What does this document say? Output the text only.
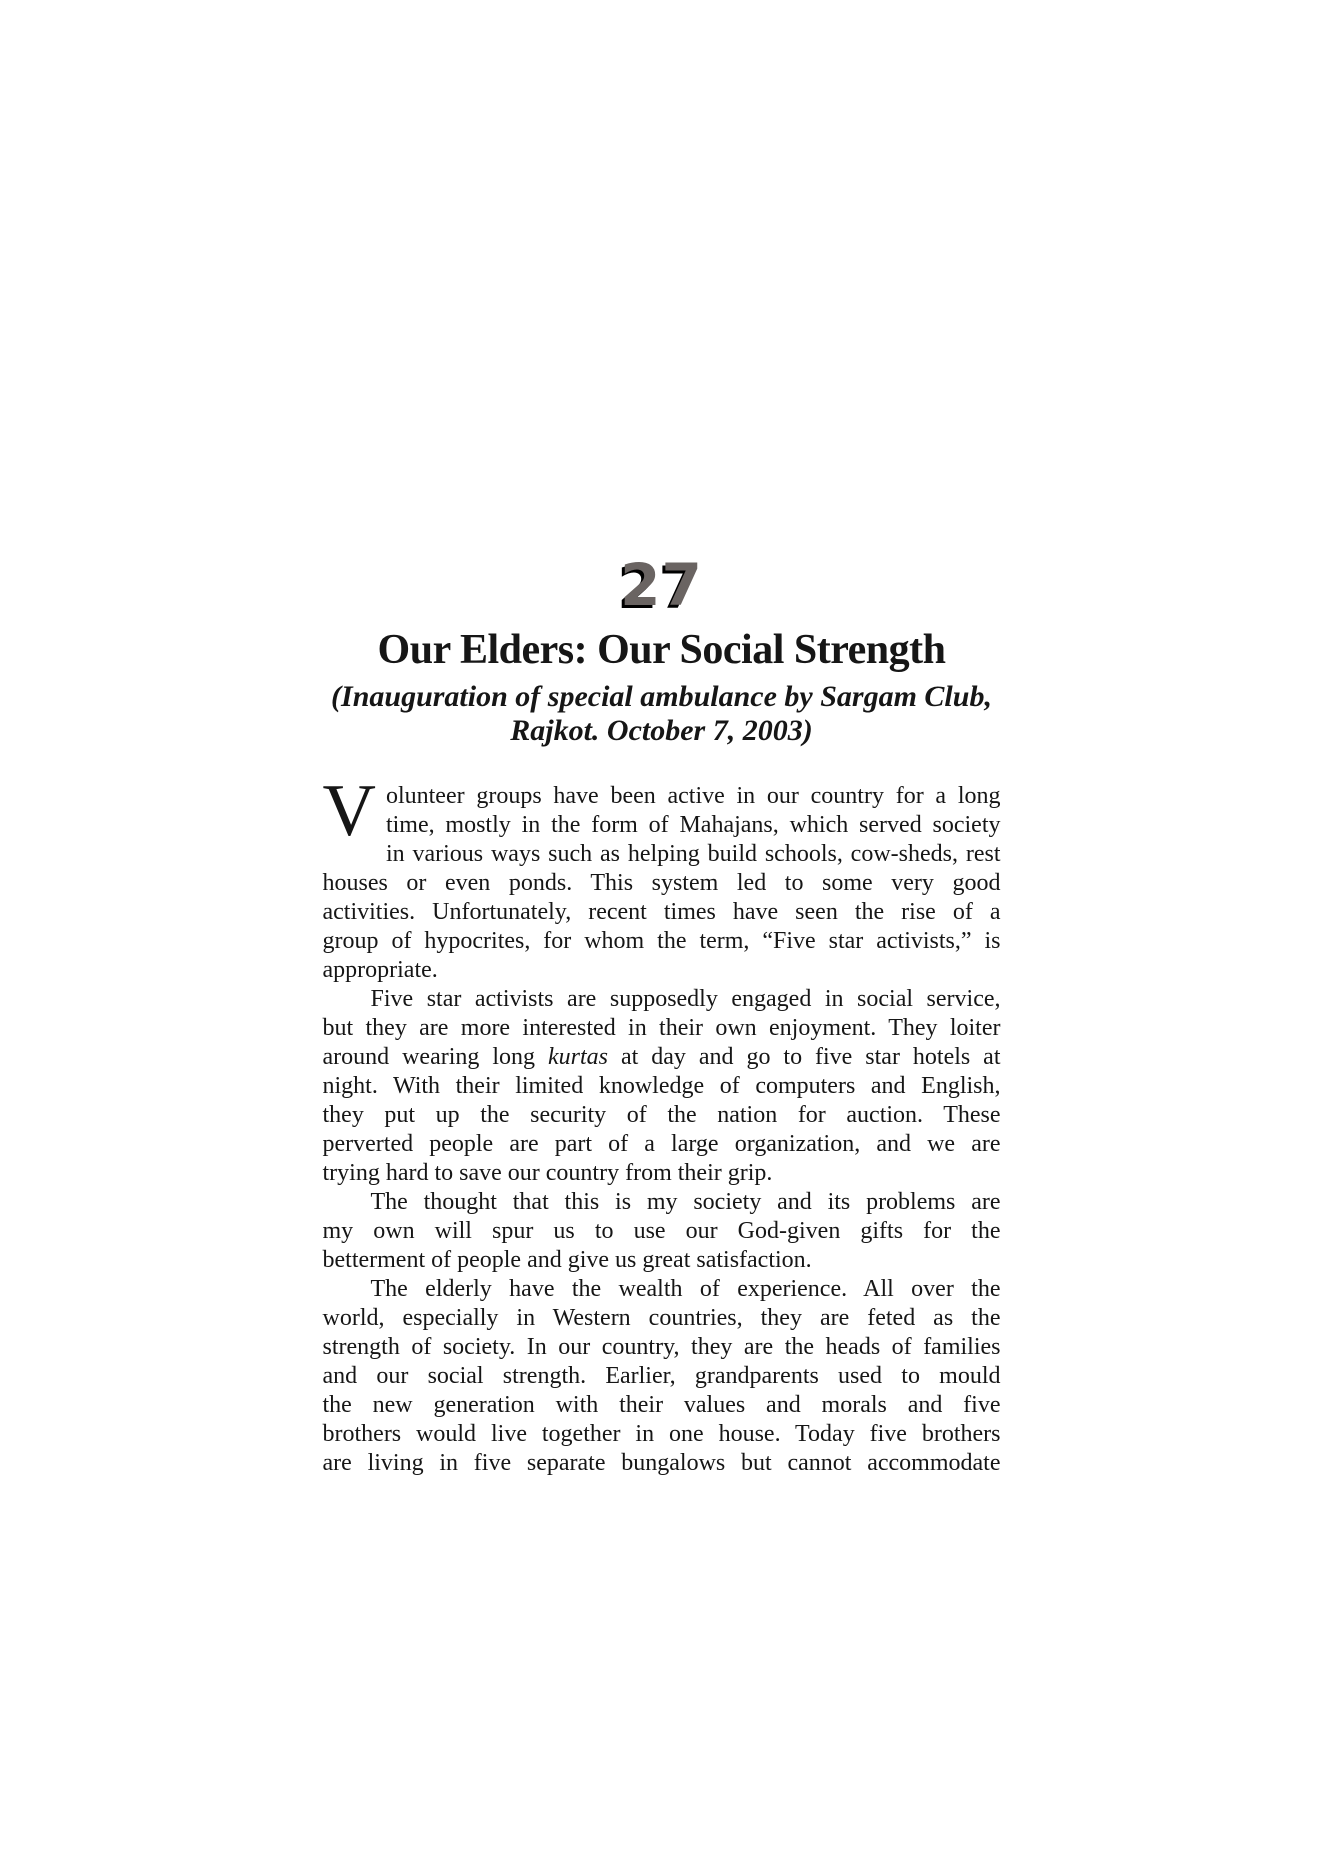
27
Our Elders: Our Social Strength
(Inauguration of special ambulance by Sargam Club,
Rajkot. October 7, 2003)
V olunteer groups have been active in our country for a long
time, mostly in the form of Mahajans, which served society
in various ways such as helping build schools, cow-sheds, rest
houses or even ponds. This system led to some very good
activities. Unfortunately, recent times have seen the rise of a
group of hypocrites, for whom the term, “Five star activists,” is
appropriate.
Five star activists are supposedly engaged in social service,
but they are more interested in their own enjoyment. They loiter
around wearing long kurtas at day and go to five star hotels at
night. With their limited knowledge of computers and English,
they put up the security of the nation for auction. These
perverted people are part of a large organization, and we are
trying hard to save our country from their grip.
The thought that this is my society and its problems are
my own will spur us to use our God-given gifts for the
betterment of people and give us great satisfaction.
The elderly have the wealth of experience. All over the
world, especially in Western countries, they are feted as the
strength of society. In our country, they are the heads of families
and our social strength. Earlier, grandparents used to mould
the new generation with their values and morals and five
brothers would live together in one house. Today five brothers
are living in five separate bungalows but cannot accommodate
